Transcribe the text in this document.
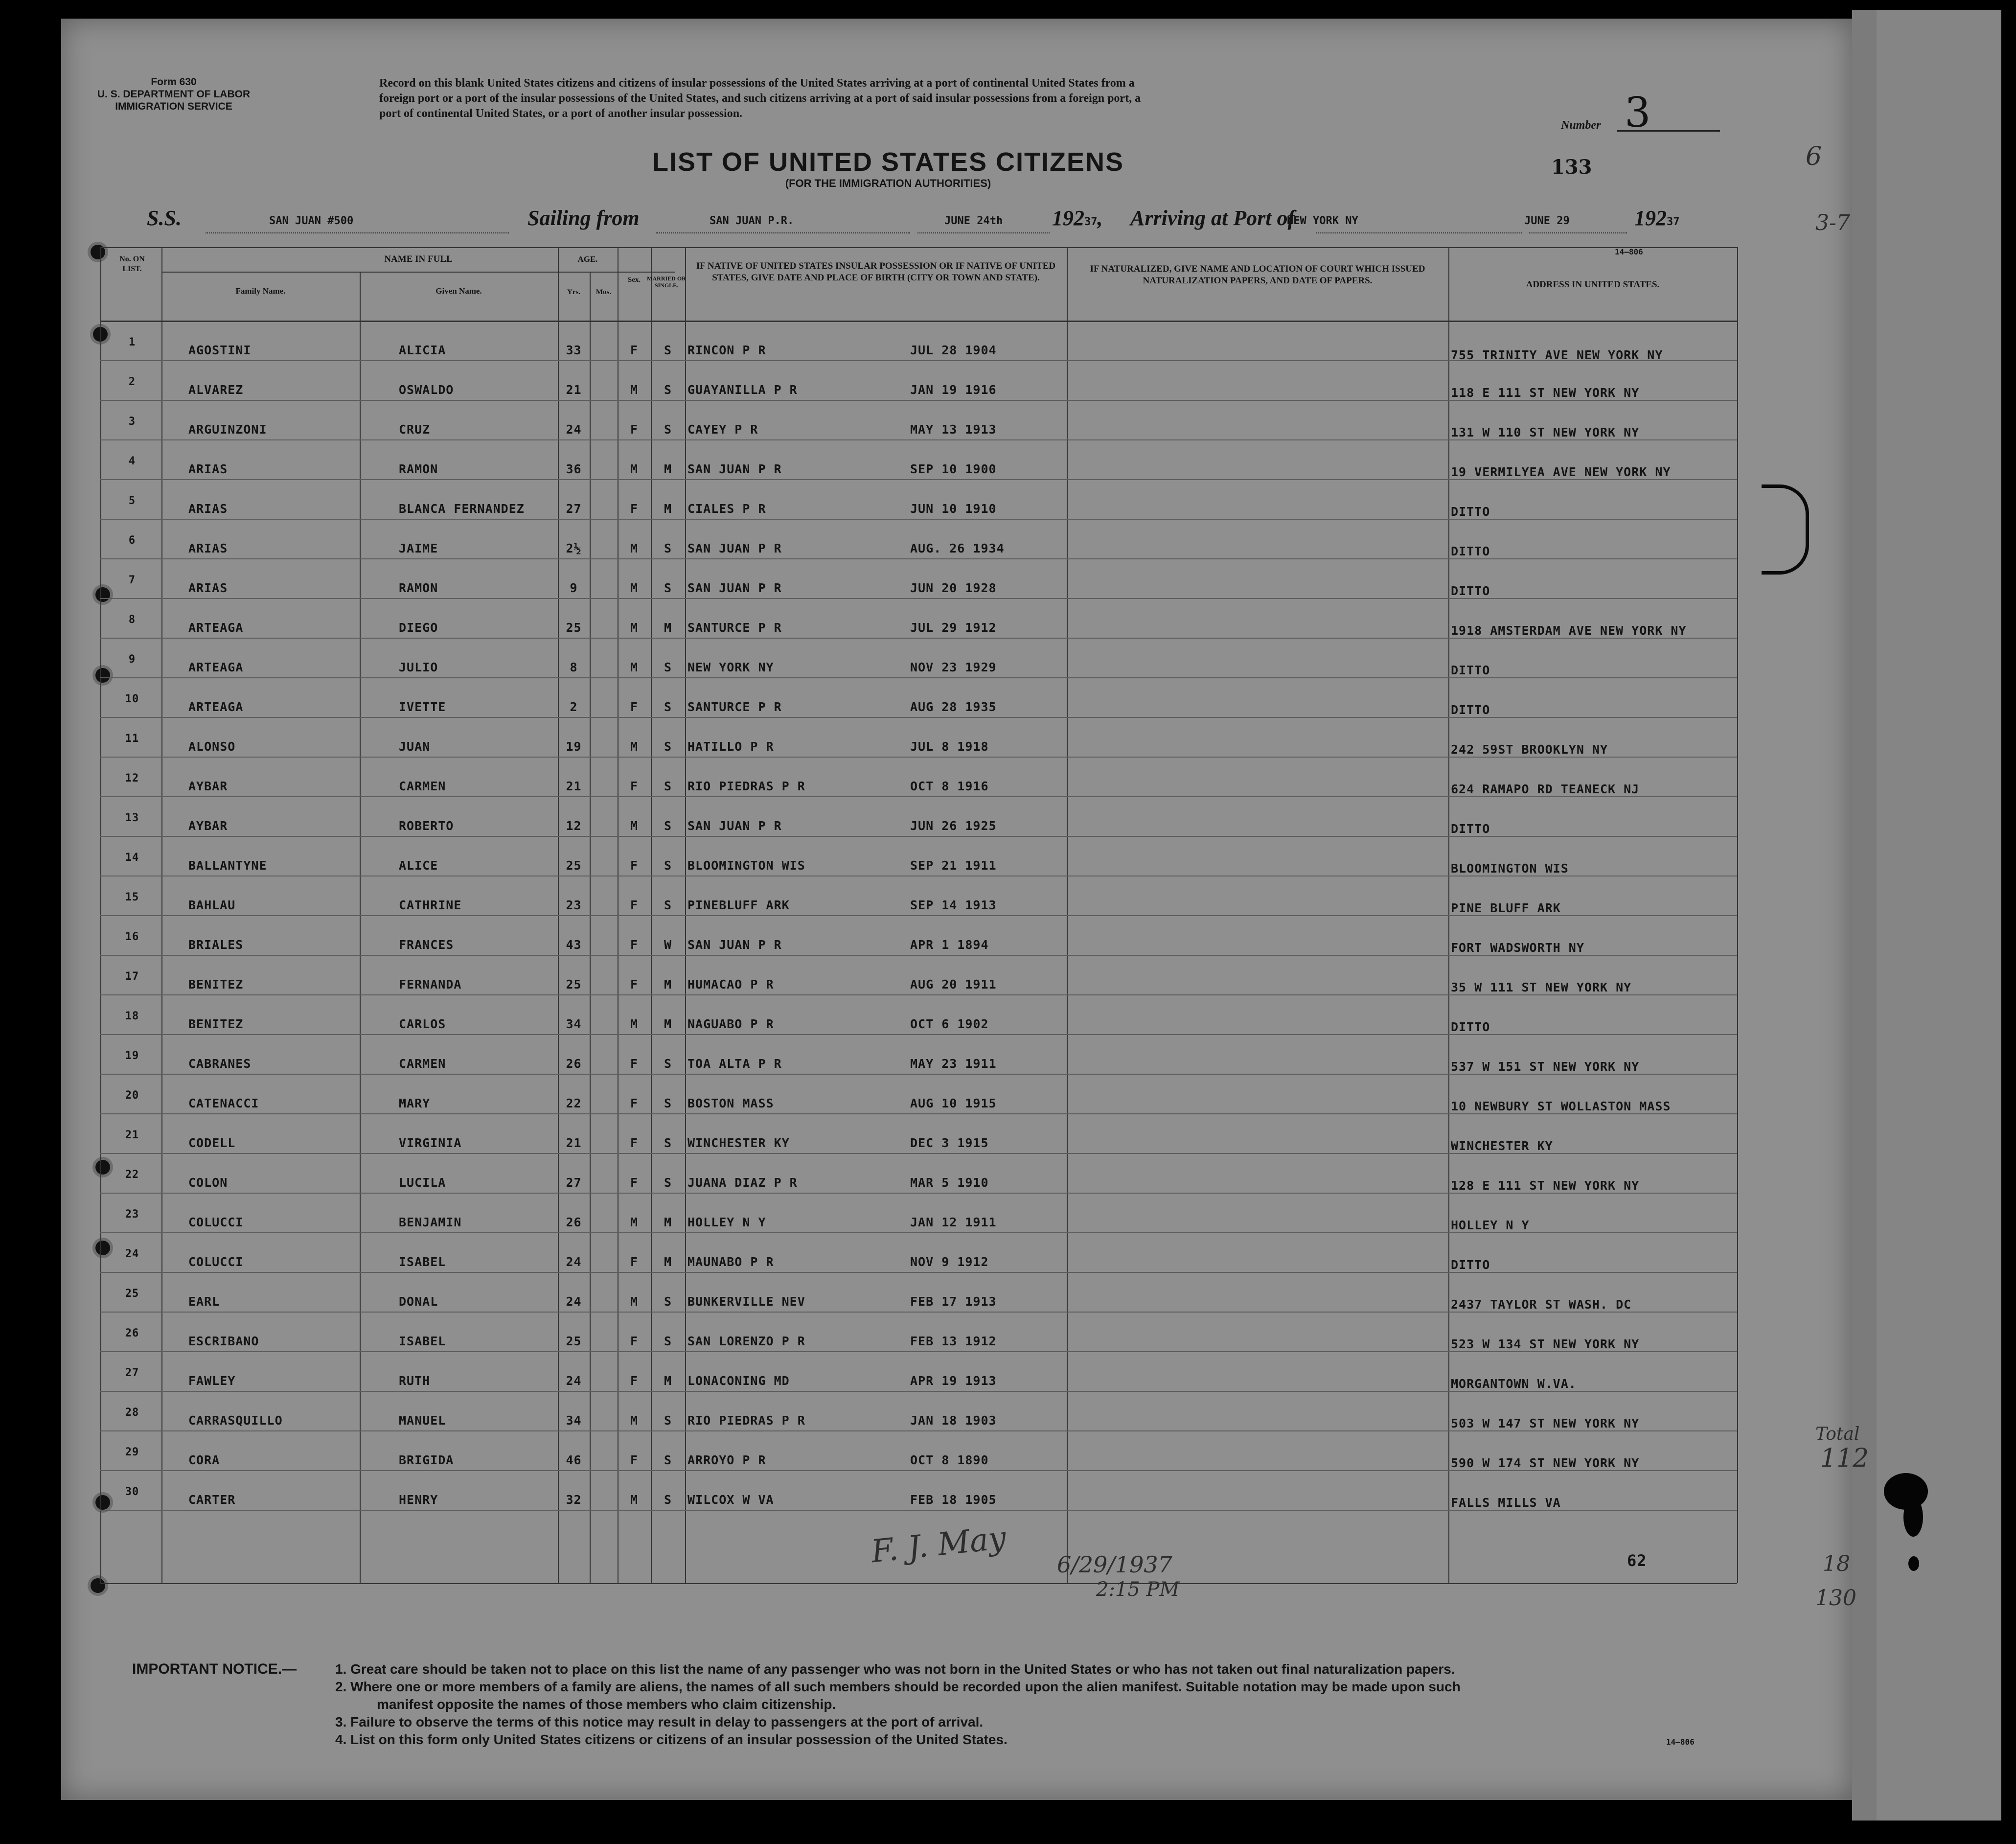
Form 630
U. S. DEPARTMENT OF LABOR
IMMIGRATION SERVICE
Record on this blank United States citizens and citizens of insular possessions of the United States arriving at a port of continental United States from a
foreign port or a port of the insular possessions of the United States, and such citizens arriving at a port of said insular possessions from a foreign port, a
port of continental United States, or a port of another insular possession.
Number 3
133
LIST OF UNITED STATES CITIZENS
(FOR THE IMMIGRATION AUTHORITIES)
S.S.	SAN JUAN #500	Sailing from	SAN JUAN P.R.	JUNE 24th	19237, Arriving at Port of
NEW YORK NY	JUNE 29	19237
14—806
No. ON LIST.
NAME IN FULL
Family Name.	Given Name.
AGE.
Yrs.	Mos.
Sex.	MARRIED OR SINGLE.
IF NATIVE OF UNITED STATES INSULAR POSSESSION OR IF NATIVE OF UNITED STATES, GIVE DATE AND PLACE OF BIRTH (CITY OR TOWN AND STATE).
IF NATURALIZED, GIVE NAME AND LOCATION OF COURT WHICH ISSUED NATURALIZATION PAPERS, AND DATE OF PAPERS.	ADDRESS IN UNITED STATES.
1
AGOSTINI	ALICIA	33	F	S	RINCON P R	JUL 28 1904	755 TRINITY AVE NEW YORK NY
2
ALVAREZ	OSWALDO	21	M	S	GUAYANILLA P R	JAN 19 1916	118 E 111 ST NEW YORK NY
3
ARGUINZONI	CRUZ	24	F	S	CAYEY P R	MAY 13 1913	131 W 110 ST NEW YORK NY
4
ARIAS	RAMON	36	M	M	SAN JUAN P R	SEP 10 1900	19 VERMILYEA AVE NEW YORK NY
5
ARIAS	BLANCA FERNANDEZ	27	F	M	CIALES P R	JUN 10 1910	DITTO
6
ARIAS	JAIME	2½	M	S	SAN JUAN P R	AUG. 26 1934	DITTO
7
ARIAS	RAMON	9	M	S	SAN JUAN P R	JUN 20 1928	DITTO
8
ARTEAGA	DIEGO	25	M	M	SANTURCE P R	JUL 29 1912	1918 AMSTERDAM AVE NEW YORK NY
9
ARTEAGA	JULIO	8	M	S	NEW YORK NY	NOV 23 1929	DITTO
10
ARTEAGA	IVETTE	2	F	S	SANTURCE P R	AUG 28 1935	DITTO
11
ALONSO	JUAN	19	M	S	HATILLO P R	JUL 8 1918	242 59ST BROOKLYN NY
12
AYBAR	CARMEN	21	F	S	RIO PIEDRAS P R	OCT 8 1916	624 RAMAPO RD TEANECK NJ
13
AYBAR	ROBERTO	12	M	S	SAN JUAN P R	JUN 26 1925	DITTO
14
BALLANTYNE	ALICE	25	F	S	BLOOMINGTON WIS	SEP 21 1911	BLOOMINGTON WIS
15
BAHLAU	CATHRINE	23	F	S	PINEBLUFF ARK	SEP 14 1913	PINE BLUFF ARK
16
BRIALES	FRANCES	43	F	W	SAN JUAN P R	APR 1 1894	FORT WADSWORTH NY
17
BENITEZ	FERNANDA	25	F	M	HUMACAO P R	AUG 20 1911	35 W 111 ST NEW YORK NY
18
BENITEZ	CARLOS	34	M	M	NAGUABO P R	OCT 6 1902	DITTO
19
CABRANES	CARMEN	26	F	S	TOA ALTA P R	MAY 23 1911	537 W 151 ST NEW YORK NY
20
CATENACCI	MARY	22	F	S	BOSTON MASS	AUG 10 1915	10 NEWBURY ST WOLLASTON MASS
21
CODELL	VIRGINIA	21	F	S	WINCHESTER KY	DEC 3 1915	WINCHESTER KY
22
COLON	LUCILA	27	F	S	JUANA DIAZ P R	MAR 5 1910	128 E 111 ST NEW YORK NY
23
COLUCCI	BENJAMIN	26	M	M	HOLLEY N Y	JAN 12 1911	HOLLEY N Y
24
COLUCCI	ISABEL	24	F	M	MAUNABO P R	NOV 9 1912	DITTO
25
EARL	DONAL	24	M	S	BUNKERVILLE NEV	FEB 17 1913	2437 TAYLOR ST WASH. DC
26
ESCRIBANO	ISABEL	25	F	S	SAN LORENZO P R	FEB 13 1912	523 W 134 ST NEW YORK NY
27
FAWLEY	RUTH	24	F	M	LONACONING MD	APR 19 1913	MORGANTOWN W.VA.
28
CARRASQUILLO	MANUEL	34	M	S	RIO PIEDRAS P R	JAN 18 1903	503 W 147 ST NEW YORK NY
29
CORA	BRIGIDA	46	F	S	ARROYO P R	OCT 8 1890	590 W 174 ST NEW YORK NY
30
CARTER	HENRY	32	M	S	WILCOX W VA	FEB 18 1905	FALLS MILLS VA
62
F. J. May 6/29/1937
2:15 PM
Total
112
18
130
6
3-7
IMPORTANT NOTICE.—	1. Great care should be taken not to place on this list the name of any passenger who was not born in the United States or who has not taken out final naturalization papers.
2. Where one or more members of a family are aliens, the names of all such members should be recorded upon the alien manifest. Suitable notation may be made upon such
manifest opposite the names of those members who claim citizenship.
3. Failure to observe the terms of this notice may result in delay to passengers at the port of arrival.
4. List on this form only United States citizens or citizens of an insular possession of the United States.	14—806
